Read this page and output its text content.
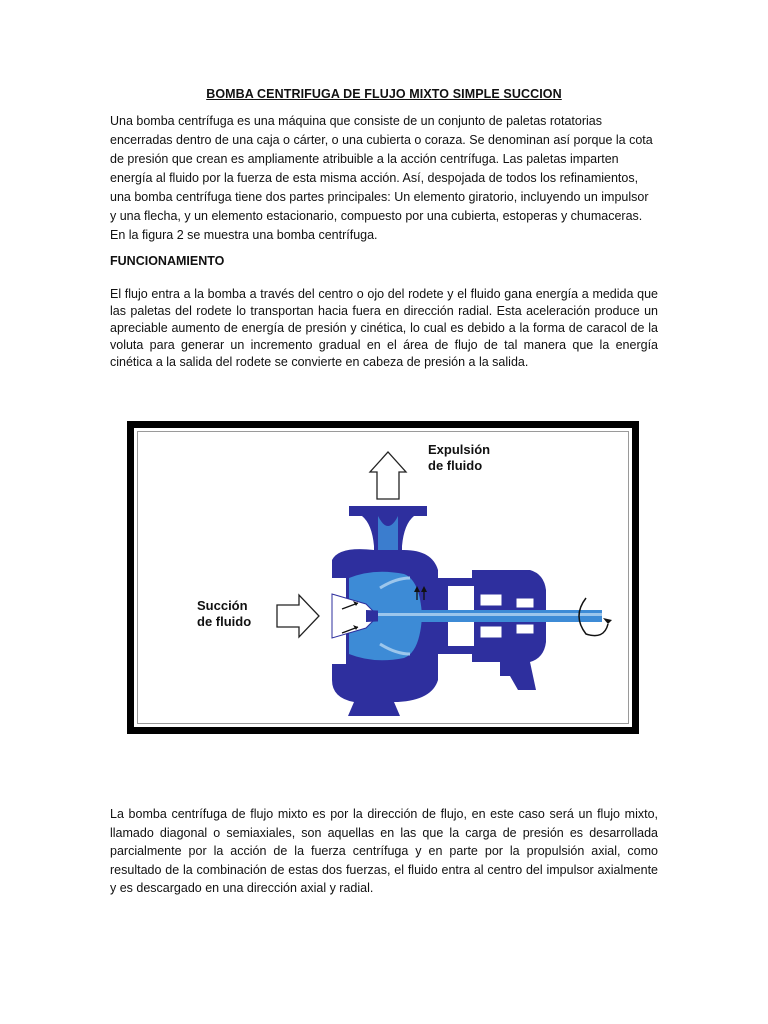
BOMBA CENTRIFUGA DE FLUJO MIXTO SIMPLE SUCCION

Una bomba centrífuga es una máquina que consiste de un conjunto de paletas rotatorias encerradas dentro de una caja o cárter, o una cubierta o coraza. Se denominan así porque la cota de presión que crean es ampliamente atribuible a la acción centrífuga. Las paletas imparten energía al fluido por la fuerza de esta misma acción. Así, despojada de todos los refinamientos, una bomba centrífuga tiene dos partes principales: Un elemento giratorio, incluyendo un impulsor y una flecha, y un elemento estacionario, compuesto por una cubierta, estoperas y chumaceras. En la figura 2 se muestra una bomba centrífuga.

FUNCIONAMIENTO

El flujo entra a la bomba a través del centro o ojo del rodete y el fluido gana energía a medida que las paletas del rodete lo transportan hacia fuera en dirección radial. Esta aceleración produce un apreciable aumento de energía de presión y cinética, lo cual es debido a la forma de caracol de la voluta para generar un incremento gradual en el área de flujo de tal manera que la energía cinética a la salida del rodete se convierte en cabeza de presión a la salida.

Expulsión
de fluido
Succión
de fluido

La bomba centrífuga de flujo mixto es por la dirección de flujo, en este caso será un flujo mixto, llamado diagonal o semiaxiales, son aquellas en las que la carga de presión es desarrollada parcialmente por la acción de la fuerza centrífuga y en parte por la propulsión axial, como resultado de la combinación de estas dos fuerzas, el fluido entra al centro del impulsor axialmente y es descargado en una dirección axial y radial.
